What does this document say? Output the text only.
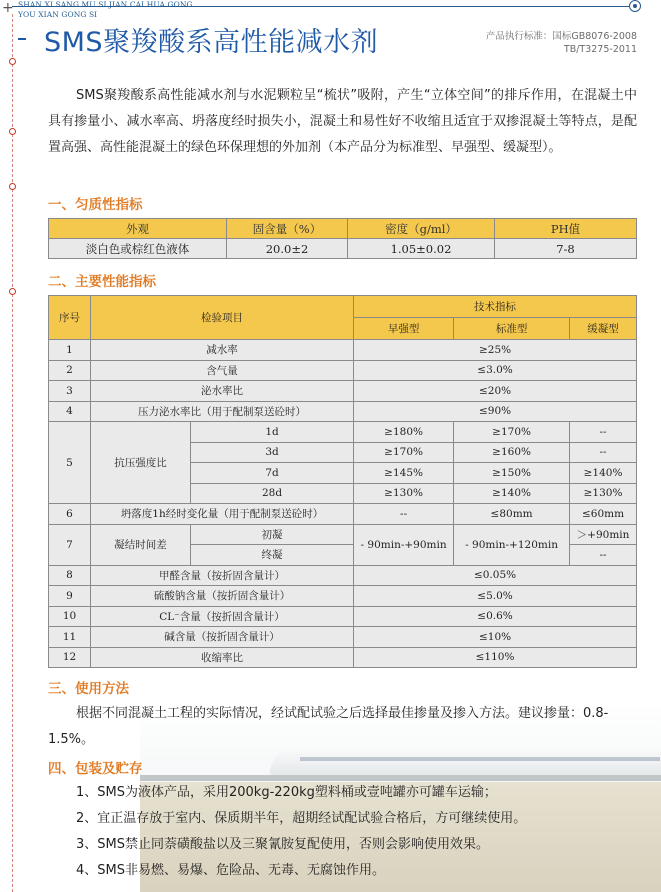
+ SHAN XI SANG MU SI JIAN CAI HUA GONG
YOU XIAN GONG SI
SMS聚羧酸系高性能减水剂	产品执行标准：国标GB8076-2008
TB/T3275-2011

SMS聚羧酸系高性能减水剂与水泥颗粒呈“梳状”吸附，产生“立体空间”的排斥作用，在混凝土中具有掺量小、减水率高、坍落度经时损失小，混凝土和易性好不收缩且适宜于双掺混凝土等特点，是配置高强、高性能混凝土的绿色环保理想的外加剂（本产品分为标准型、早强型、缓凝型）。

一、匀质性指标
外观	固含量（%）	密度（g/ml）	PH值
淡白色或棕红色液体	20.0±2	1.05±0.02	7-8
二、主要性能指标
序号	检验项目		技术指标		
			早强型	标准型	缓凝型
1	减水率		≥25%		
2	含气量		≤3.0%		
3	泌水率比		≤20%		
4	压力泌水率比（用于配制泵送砼时）		≤90%		
5	抗压强度比	1d	≥180%	≥170%	--
		3d	≥170%	≥160%	--
		7d	≥145%	≥150%	≥140%
		28d	≥130%	≥140%	≥130%
6	坍落度1h经时变化量（用于配制泵送砼时）		--	≤80mm	≤60mm
7	凝结时间差	初凝	- 90min-+90min	- 90min-+120min	＞+90min
		终凝			--
8	甲醛含量（按折固含量计）		≤0.05%		
9	硫酸钠含量（按折固含量计）		≤5.0%		
10	CL⁻含量（按折固含量计）		≤0.6%		
11	碱含量（按折固含量计）		≤10%		
12	收缩率比		≤110%		
三、使用方法

根据不同混凝土工程的实际情况，经试配试验之后选择最佳掺量及掺入方法。建议掺量：0.8-1.5%。

四、包装及贮存
1、SMS为液体产品，采用200kg-220kg塑料桶或壹吨罐亦可罐车运输；
2、宜正温存放于室内、保质期半年，超期经试配试验合格后，方可继续使用。
3、SMS禁止同萘磺酸盐以及三聚氰胺复配使用，否则会影响使用效果。
4、SMS非易燃、易爆、危险品、无毒、无腐蚀作用。
